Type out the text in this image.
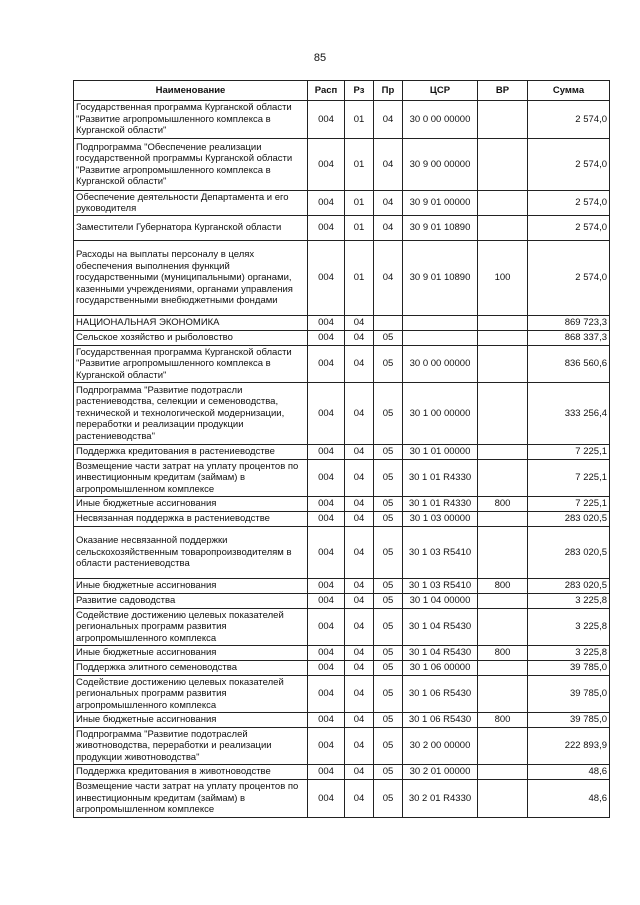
85
Наименование	Расп	Рз	Пр	ЦСР	ВР	Сумма
Государственная программа Курганской области "Развитие агропромышленного комплекса в Курганской области"	004	01	04	30 0 00 00000		2 574,0
Подпрограмма "Обеспечение реализации государственной программы Курганской области "Развитие агропромышленного комплекса в Курганской области"	004	01	04	30 9 00 00000		2 574,0
Обеспечение деятельности Департамента и его руководителя	004	01	04	30 9 01 00000		2 574,0
Заместители Губернатора Курганской области	004	01	04	30 9 01 10890		2 574,0
Расходы на выплаты персоналу в целях обеспечения выполнения функций государственными (муниципальными) органами, казенными учреждениями, органами управления государственными внебюджетными фондами	004	01	04	30 9 01 10890	100	2 574,0
НАЦИОНАЛЬНАЯ ЭКОНОМИКА	004	04				869 723,3
Сельское хозяйство и рыболовство	004	04	05			868 337,3
Государственная программа Курганской области "Развитие агропромышленного комплекса в Курганской области"	004	04	05	30 0 00 00000		836 560,6
Подпрограмма "Развитие подотрасли растениеводства, селекции и семеноводства, технической и технологической модернизации, переработки и реализации продукции растениеводства"	004	04	05	30 1 00 00000		333 256,4
Поддержка кредитования в растениеводстве	004	04	05	30 1 01 00000		7 225,1
Возмещение части затрат на уплату процентов по инвестиционным кредитам (займам) в агропромышленном комплексе	004	04	05	30 1 01 R4330		7 225,1
Иные бюджетные ассигнования	004	04	05	30 1 01 R4330	800	7 225,1
Несвязанная поддержка в растениеводстве	004	04	05	30 1 03 00000		283 020,5
Оказание несвязанной поддержки сельскохозяйственным товаропроизводителям в области растениеводства	004	04	05	30 1 03 R5410		283 020,5
Иные бюджетные ассигнования	004	04	05	30 1 03 R5410	800	283 020,5
Развитие садоводства	004	04	05	30 1 04 00000		3 225,8
Содействие достижению целевых показателей региональных программ развития агропромышленного комплекса	004	04	05	30 1 04 R5430		3 225,8
Иные бюджетные ассигнования	004	04	05	30 1 04 R5430	800	3 225,8
Поддержка элитного семеноводства	004	04	05	30 1 06 00000		39 785,0
Содействие достижению целевых показателей региональных программ развития агропромышленного комплекса	004	04	05	30 1 06 R5430		39 785,0
Иные бюджетные ассигнования	004	04	05	30 1 06 R5430	800	39 785,0
Подпрограмма "Развитие подотраслей животноводства, переработки и реализации продукции животноводства"	004	04	05	30 2 00 00000		222 893,9
Поддержка кредитования в животноводстве	004	04	05	30 2 01 00000		48,6
Возмещение части затрат на уплату процентов по инвестиционным кредитам (займам) в агропромышленном комплексе	004	04	05	30 2 01 R4330		48,6
